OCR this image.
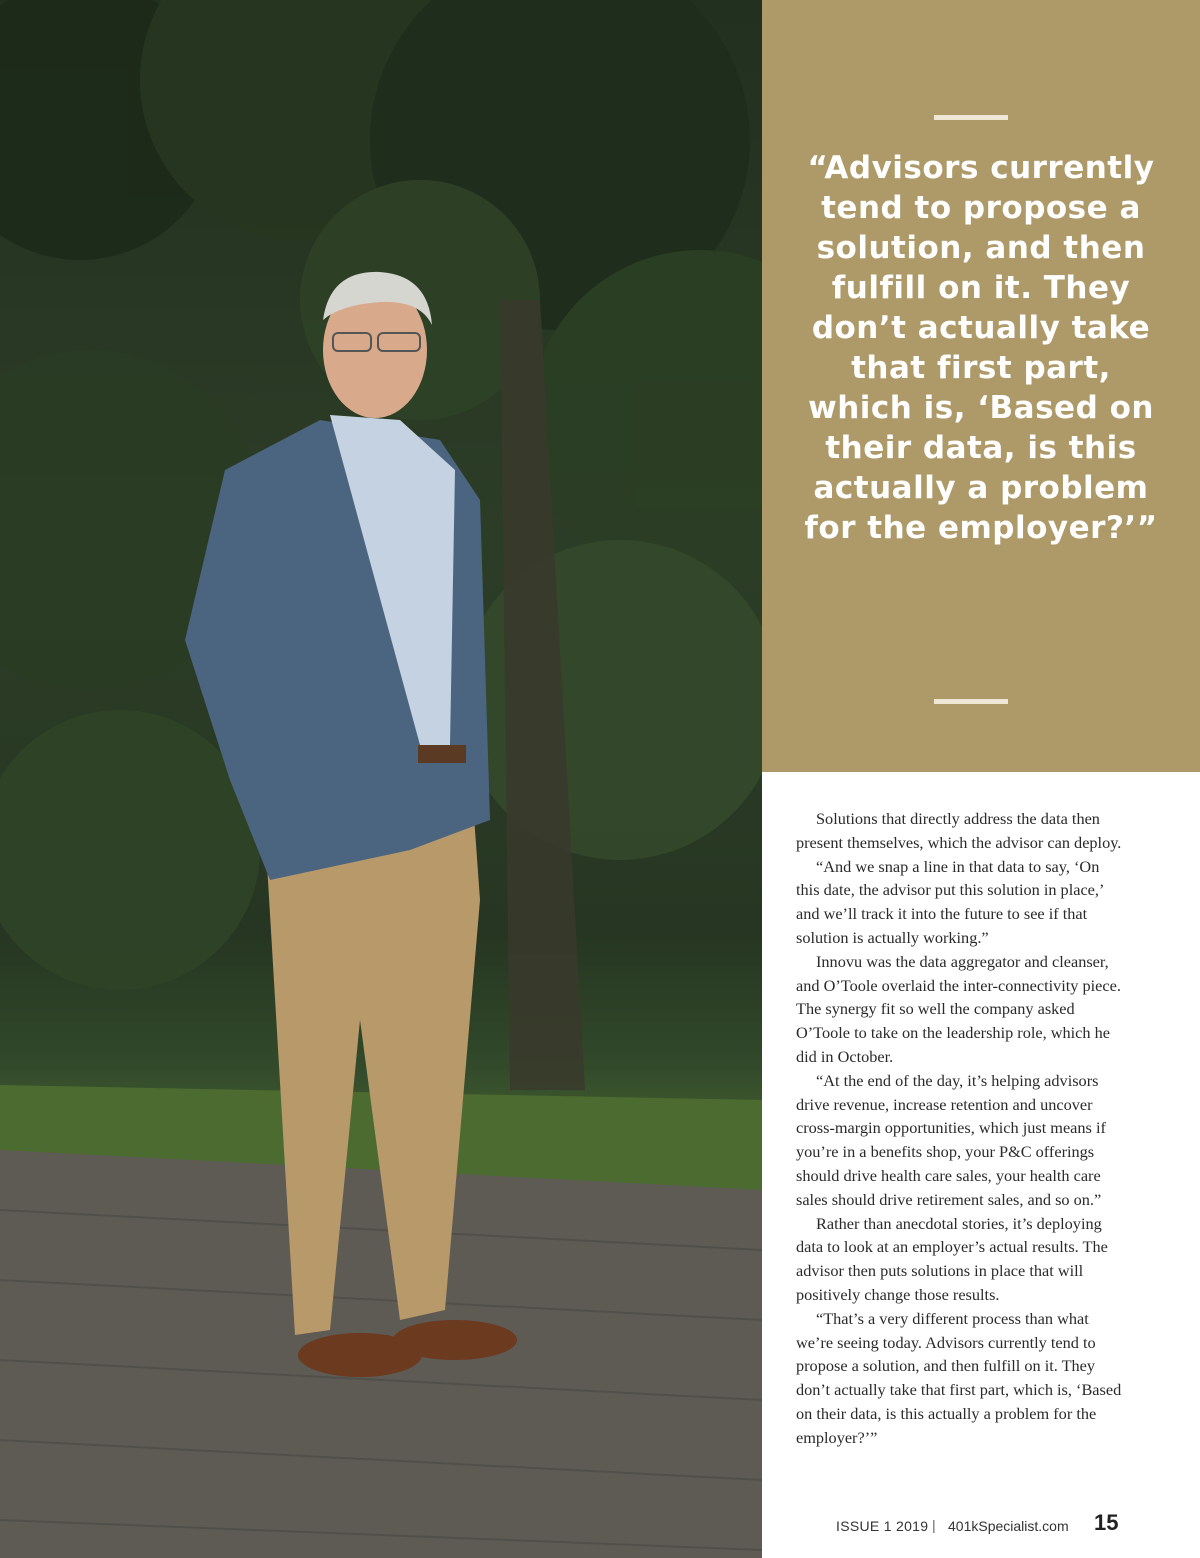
“Advisors currently tend to propose a solution, and then fulfill on it. They don’t actually take that first part, which is, ‘Based on their data, is this actually a problem for the employer?’”

Solutions that directly address the data then present themselves, which the advisor can deploy.

“And we snap a line in that data to say, ‘On this date, the advisor put this solution in place,’ and we’ll track it into the future to see if that solution is actually working.”

Innovu was the data aggregator and cleanser, and O’Toole overlaid the inter-connectivity piece. The synergy fit so well the company asked O’Toole to take on the leadership role, which he did in October.

“At the end of the day, it’s helping advisors drive revenue, increase retention and uncover cross-margin opportunities, which just means if you’re in a benefits shop, your P&C offerings should drive health care sales, your health care sales should drive retirement sales, and so on.”

Rather than anecdotal stories, it’s deploying data to look at an employer’s actual results. The advisor then puts solutions in place that will positively change those results.

“That’s a very different process than what we’re seeing today. Advisors currently tend to propose a solution, and then fulfill on it. They don’t actually take that first part, which is, ‘Based on their data, is this actually a problem for the employer?’”

ISSUE 1 2019 | 401kSpecialist.com 15
